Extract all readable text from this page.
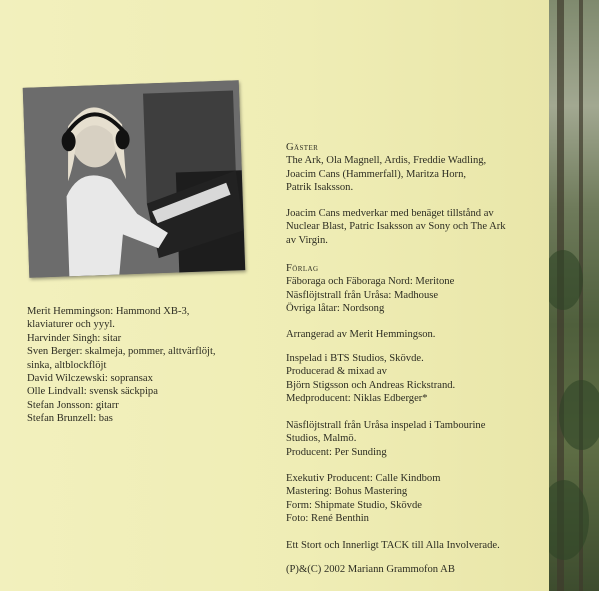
Merit Hemmingson: Hammond XB-3,

klaviaturer och yyyl.

Harvinder Singh: sitar

Sven Berger: skalmeja, pommer, alttvärflöjt,

sinka, altblockflöjt

David Wilczewski: sopransax

Olle Lindvall: svensk säckpipa

Stefan Jonsson: gitarr

Stefan Brunzell: bas

Gäster

The Ark, Ola Magnell, Ardis, Freddie Wadling,

Joacim Cans (Hammerfall), Maritza Horn,

Patrik Isaksson.

Joacim Cans medverkar med benäget tillstånd av

Nuclear Blast, Patric Isaksson av Sony och The Ark

av Virgin.

Förlag

Fäboraga och Fäboraga Nord: Meritone

Näsflöjtstrall från Uråsa: Madhouse

Övriga låtar: Nordsong

Arrangerad av Merit Hemmingson.

Inspelad i BTS Studios, Skövde.

Producerad & mixad av

Björn Stigsson och Andreas Rickstrand.

Medproducent: Niklas Edberger*

Näsflöjtstrall från Uråsa inspelad i Tambourine

Studios, Malmö.

Producent: Per Sunding

Exekutiv Producent: Calle Kindbom

Mastering: Bohus Mastering

Form: Shipmate Studio, Skövde

Foto: René Benthin

Ett Stort och Innerligt TACK till Alla Involverade.

(P)&(C) 2002 Mariann Grammofon AB
